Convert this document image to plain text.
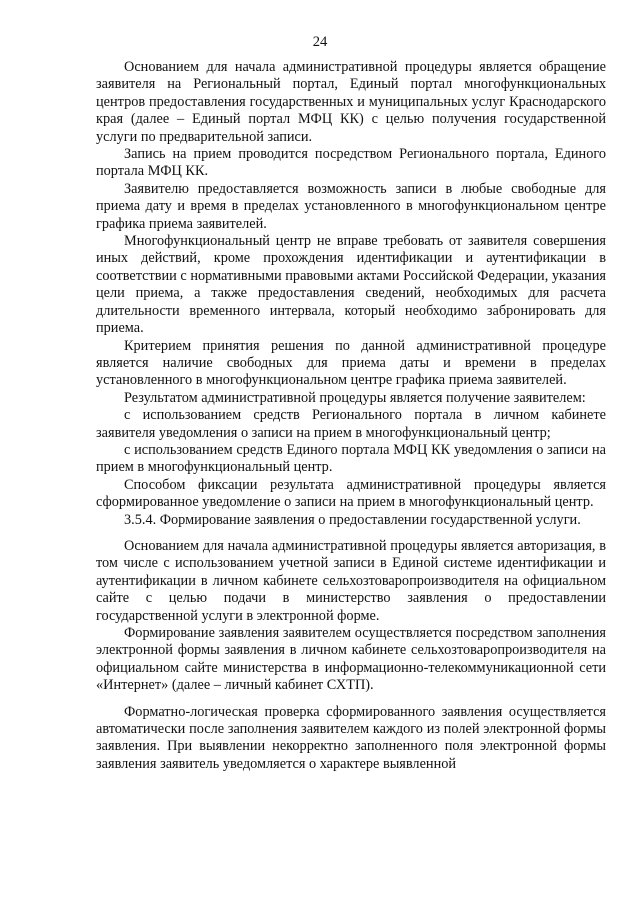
24

Основанием для начала административной процедуры является обращение заявителя на Региональный портал, Единый портал многофункциональных центров предоставления государственных и муниципальных услуг Краснодарского края (далее – Единый портал МФЦ КК) с целью получения государственной услуги по предварительной записи.

Запись на прием проводится посредством Регионального портала, Единого портала МФЦ КК.

Заявителю предоставляется возможность записи в любые свободные для приема дату и время в пределах установленного в многофункциональном центре графика приема заявителей.

Многофункциональный центр не вправе требовать от заявителя совершения иных действий, кроме прохождения идентификации и аутентификации в соответствии с нормативными правовыми актами Российской Федерации, указания цели приема, а также предоставления сведений, необходимых для расчета длительности временного интервала, который необходимо забронировать для приема.

Критерием принятия решения по данной административной процедуре является наличие свободных для приема даты и времени в пределах установленного в многофункциональном центре графика приема заявителей.

Результатом административной процедуры является получение заявителем:

с использованием средств Регионального портала в личном кабинете заявителя уведомления о записи на прием в многофункциональный центр;

с использованием средств Единого портала МФЦ КК уведомления о записи на прием в многофункциональный центр.

Способом фиксации результата административной процедуры является сформированное уведомление о записи на прием в многофункциональный центр.

3.5.4. Формирование заявления о предоставлении государственной услуги.

Основанием для начала административной процедуры является авторизация, в том числе с использованием учетной записи в Единой системе идентификации и аутентификации в личном кабинете сельхозтоваропроизводителя на официальном сайте с целью подачи в министерство заявления о предоставлении государственной услуги в электронной форме.

Формирование заявления заявителем осуществляется посредством заполнения электронной формы заявления в личном кабинете сельхозтоваропроизводителя на официальном сайте министерства в информационно-телекоммуникационной сети «Интернет» (далее – личный кабинет СХТП).

Форматно-логическая проверка сформированного заявления осуществляется автоматически после заполнения заявителем каждого из полей электронной формы заявления. При выявлении некорректно заполненного поля электронной формы заявления заявитель уведомляется о характере выявленной
